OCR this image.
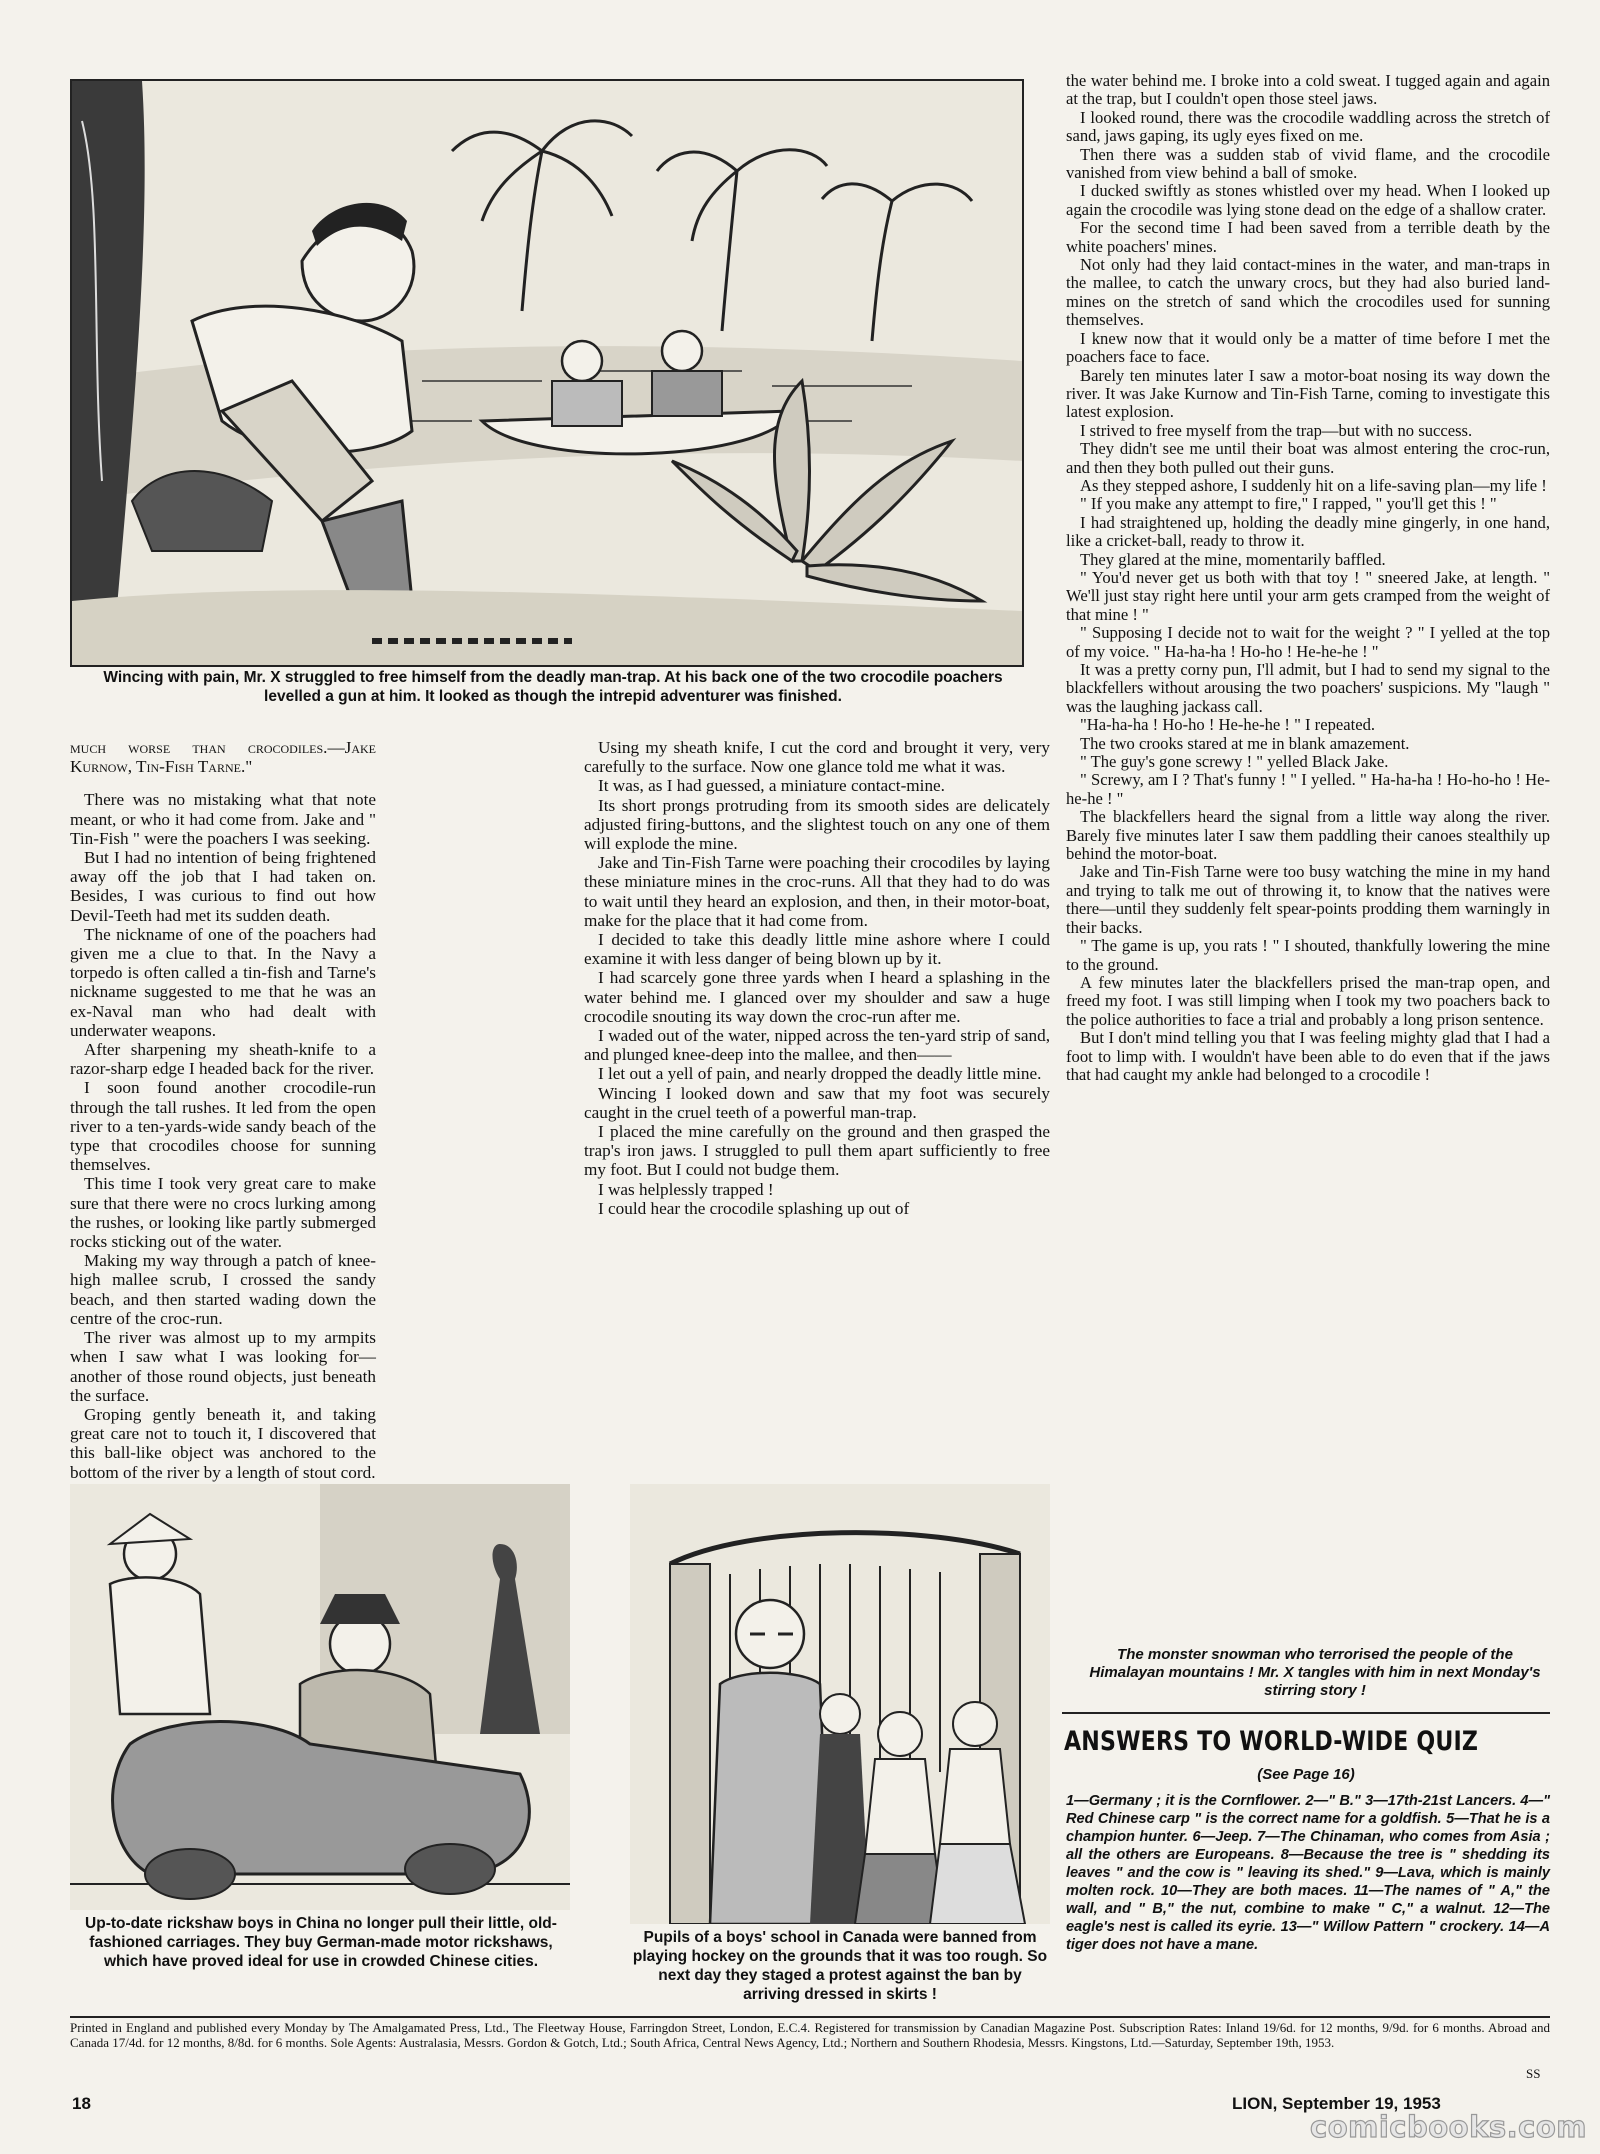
Wincing with pain, Mr. X struggled to free himself from the deadly man-trap. At his back one of the two crocodile poachers levelled a gun at him. It looked as though the intrepid adventurer was finished.

much worse than crocodiles.—Jake Kurnow, Tin-Fish Tarne."

There was no mistaking what that note meant, or who it had come from. Jake and " Tin-Fish " were the poachers I was seeking.

But I had no intention of being frightened away off the job that I had taken on. Besides, I was curious to find out how Devil-Teeth had met its sudden death.

The nickname of one of the poachers had given me a clue to that. In the Navy a torpedo is often called a tin-fish and Tarne's nickname suggested to me that he was an ex-Naval man who had dealt with underwater weapons.

After sharpening my sheath-knife to a razor-sharp edge I headed back for the river.

I soon found another crocodile-run through the tall rushes. It led from the open river to a ten-yards-wide sandy beach of the type that crocodiles choose for sunning themselves.

This time I took very great care to make sure that there were no crocs lurking among the rushes, or looking like partly submerged rocks sticking out of the water.

Making my way through a patch of knee-high mallee scrub, I crossed the sandy beach, and then started wading down the centre of the croc-run.

The river was almost up to my armpits when I saw what I was looking for—another of those round objects, just beneath the surface.

Groping gently beneath it, and taking great care not to touch it, I discovered that this ball-like object was anchored to the bottom of the river by a length of stout cord.

Using my sheath knife, I cut the cord and brought it very, very carefully to the surface. Now one glance told me what it was.

It was, as I had guessed, a miniature contact-mine.

Its short prongs protruding from its smooth sides are delicately adjusted firing-buttons, and the slightest touch on any one of them will explode the mine.

Jake and Tin-Fish Tarne were poaching their crocodiles by laying these miniature mines in the croc-runs. All that they had to do was to wait until they heard an explosion, and then, in their motor-boat, make for the place that it had come from.

I decided to take this deadly little mine ashore where I could examine it with less danger of being blown up by it.

I had scarcely gone three yards when I heard a splashing in the water behind me. I glanced over my shoulder and saw a huge crocodile snouting its way down the croc-run after me.

I waded out of the water, nipped across the ten-yard strip of sand, and plunged knee-deep into the mallee, and then——

I let out a yell of pain, and nearly dropped the deadly little mine.

Wincing I looked down and saw that my foot was securely caught in the cruel teeth of a powerful man-trap.

I placed the mine carefully on the ground and then grasped the trap's iron jaws. I struggled to pull them apart sufficiently to free my foot. But I could not budge them.

I was helplessly trapped !

I could hear the crocodile splashing up out of

the water behind me. I broke into a cold sweat. I tugged again and again at the trap, but I couldn't open those steel jaws.

I looked round, there was the crocodile waddling across the stretch of sand, jaws gaping, its ugly eyes fixed on me.

Then there was a sudden stab of vivid flame, and the crocodile vanished from view behind a ball of smoke.

I ducked swiftly as stones whistled over my head. When I looked up again the crocodile was lying stone dead on the edge of a shallow crater.

For the second time I had been saved from a terrible death by the white poachers' mines.

Not only had they laid contact-mines in the water, and man-traps in the mallee, to catch the unwary crocs, but they had also buried land-mines on the stretch of sand which the crocodiles used for sunning themselves.

I knew now that it would only be a matter of time before I met the poachers face to face.

Barely ten minutes later I saw a motor-boat nosing its way down the river. It was Jake Kurnow and Tin-Fish Tarne, coming to investigate this latest explosion.

I strived to free myself from the trap—but with no success.

They didn't see me until their boat was almost entering the croc-run, and then they both pulled out their guns.

As they stepped ashore, I suddenly hit on a life-saving plan—my life !

" If you make any attempt to fire," I rapped, " you'll get this ! "

I had straightened up, holding the deadly mine gingerly, in one hand, like a cricket-ball, ready to throw it.

They glared at the mine, momentarily baffled.

" You'd never get us both with that toy ! " sneered Jake, at length. " We'll just stay right here until your arm gets cramped from the weight of that mine ! "

" Supposing I decide not to wait for the weight ? " I yelled at the top of my voice. " Ha-ha-ha ! Ho-ho ! He-he-he ! "

It was a pretty corny pun, I'll admit, but I had to send my signal to the blackfellers without arousing the two poachers' suspicions. My "laugh " was the laughing jackass call.

"Ha-ha-ha ! Ho-ho ! He-he-he ! " I repeated.

The two crooks stared at me in blank amazement.

" The guy's gone screwy ! " yelled Black Jake.

" Screwy, am I ? That's funny ! " I yelled. " Ha-ha-ha ! Ho-ho-ho ! He-he-he ! "

The blackfellers heard the signal from a little way along the river. Barely five minutes later I saw them paddling their canoes stealthily up behind the motor-boat.

Jake and Tin-Fish Tarne were too busy watching the mine in my hand and trying to talk me out of throwing it, to know that the natives were there—until they suddenly felt spear-points prodding them warningly in their backs.

" The game is up, you rats ! " I shouted, thankfully lowering the mine to the ground.

A few minutes later the blackfellers prised the man-trap open, and freed my foot. I was still limping when I took my two poachers back to the police authorities to face a trial and probably a long prison sentence.

But I don't mind telling you that I was feeling mighty glad that I had a foot to limp with. I wouldn't have been able to do even that if the jaws that had caught my ankle had belonged to a crocodile !

The monster snowman who terrorised the people of the Himalayan mountains ! Mr. X tangles with him in next Monday's stirring story !
ANSWERS TO WORLD-WIDE QUIZ
(See Page 16)
1—Germany ; it is the Cornflower. 2—" B." 3—17th-21st Lancers. 4—" Red Chinese carp " is the correct name for a goldfish. 5—That he is a champion hunter. 6—Jeep. 7—The Chinaman, who comes from Asia ; all the others are Europeans. 8—Because the tree is " shedding its leaves " and the cow is " leaving its shed." 9—Lava, which is mainly molten rock. 10—They are both maces. 11—The names of " A," the wall, and " B," the nut, combine to make " C," a walnut. 12—The eagle's nest is called its eyrie. 13—" Willow Pattern " crockery. 14—A tiger does not have a mane.
Up-to-date rickshaw boys in China no longer pull their little, old-fashioned carriages. They buy German-made motor rickshaws, which have proved ideal for use in crowded Chinese cities.
Pupils of a boys' school in Canada were banned from playing hockey on the grounds that it was too rough. So next day they staged a protest against the ban by arriving dressed in skirts !
Printed in England and published every Monday by The Amalgamated Press, Ltd., The Fleetway House, Farringdon Street, London, E.C.4. Registered for transmission by Canadian Magazine Post. Subscription Rates: Inland 19/6d. for 12 months, 9/9d. for 6 months. Abroad and Canada 17/4d. for 12 months, 8/8d. for 6 months. Sole Agents: Australasia, Messrs. Gordon & Gotch, Ltd.; South Africa, Central News Agency, Ltd.; Northern and Southern Rhodesia, Messrs. Kingstons, Ltd.—Saturday, September 19th, 1953.
18	LION, September 19, 1953
SS
comicbooks.com
